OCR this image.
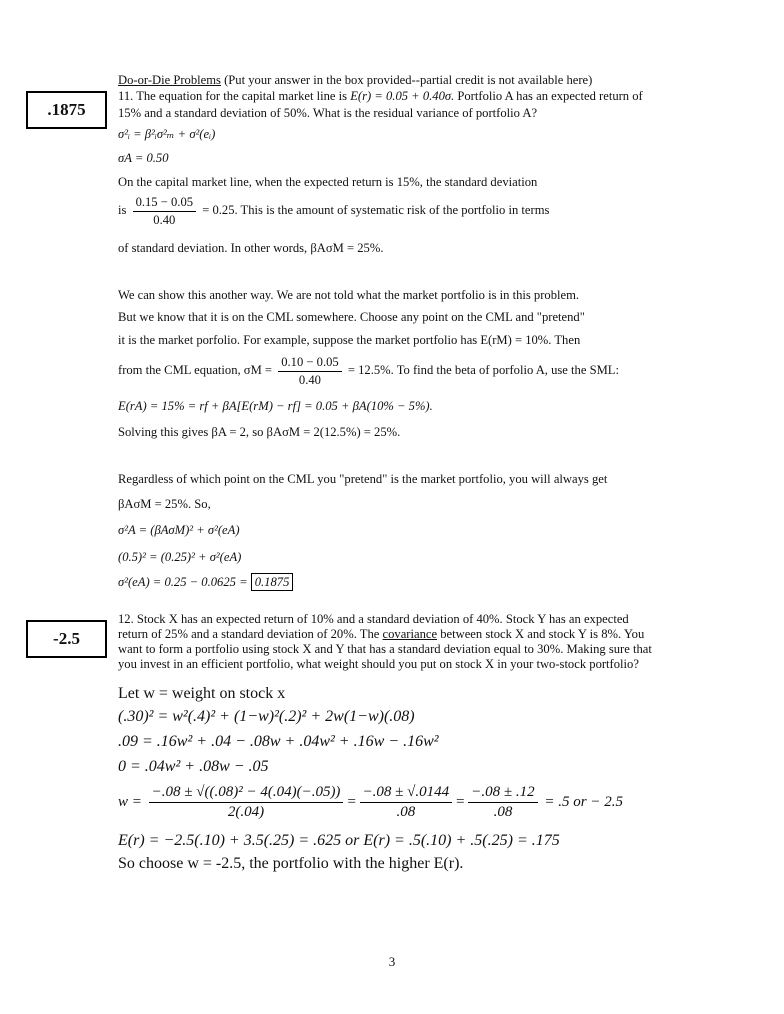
.1875
-2.5
Do-or-Die Problems (Put your answer in the box provided--partial credit is not available here)
11. The equation for the capital market line is E(r) = 0.05 + 0.40σ. Portfolio A has an expected return of
15% and a standard deviation of 50%. What is the residual variance of portfolio A?
σ²ᵢ = β²ᵢσ²ₘ + σ²(eᵢ)
σA = 0.50
On the capital market line, when the expected return is 15%, the standard deviation
is $\frac{0.15 - 0.05}{0.40} = 0.25$. This is the amount of systematic risk of the portfolio in terms
of standard deviation. In other words, βAσM = 25%.
We can show this another way. We are not told what the market portfolio is in this problem.
But we know that it is on the CML somewhere. Choose any point on the CML and "pretend"
it is the market porfolio. For example, suppose the market portfolio has E(rM) = 10%. Then
from the CML equation, $\sigma M = \frac{0.10 - 0.05}{0.40} = 12.5\%$. To find the beta of porfolio A, use the SML:
E(rA) = 15% = rf + βA[E(rM) − rf] = 0.05 + βA(10% − 5%).
Solving this gives βA = 2, so βAσM = 2(12.5%) = 25%.
Regardless of which point on the CML you "pretend" is the market portfolio, you will always get
βAσM = 25%. So,
σ²A = (βAσM)² + σ²(eA)
(0.5)² = (0.25)² + σ²(eA)
σ²(eA) = 0.25 − 0.0625 = 0.1875
12. Stock X has an expected return of 10% and a standard deviation of 40%. Stock Y has an expected
return of 25% and a standard deviation of 20%. The covariance between stock X and stock Y is 8%. You
want to form a portfolio using stock X and Y that has a standard deviation equal to 30%. Making sure that
you invest in an efficient portfolio, what weight should you put on stock X in your two-stock portfolio?
Let w = weight on stock x
(.30)² = w²(.4)² + (1−w)²(.2)² + 2w(1−w)(.08)
.09 = .16w² + .04 − .08w + .04w² + .16w − .16w²
0 = .04w² + .08w − .05
$w = \frac{\text{−.08 ± √((.08)² − 4(.04)(−.05))}}{2(.04)} = \frac{-.08 \pm √.0144}{.08} = \frac{-.08 \pm .12}{.08} = .5$ or − 2.5
E(r) = −2.5(.10) + 3.5(.25) = .625 or E(r) = .5(.10) + .5(.25) = .175
So choose w = -2.5, the portfolio with the higher E(r).
3
